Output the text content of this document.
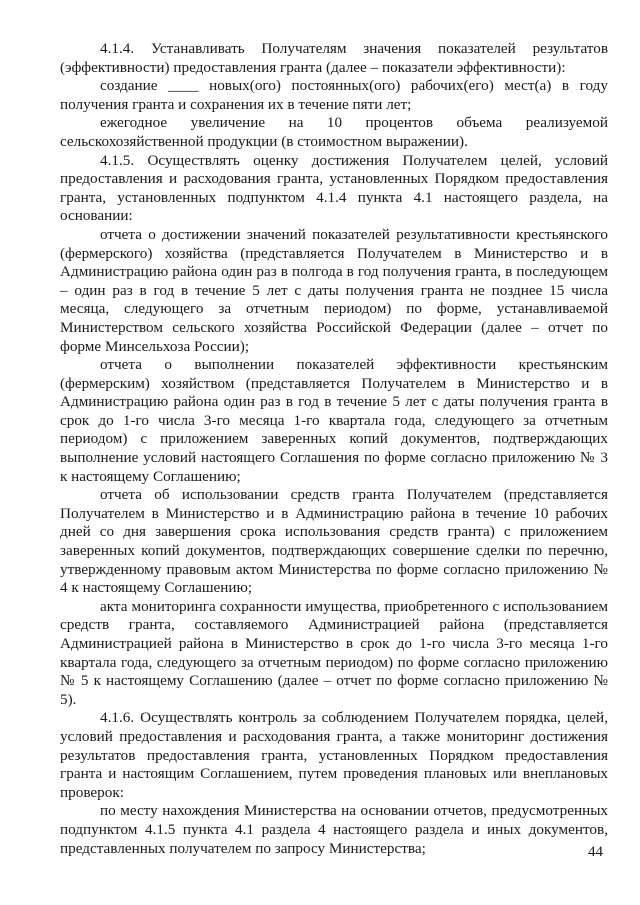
4.1.4. Устанавливать Получателям значения показателей результатов (эффективности) предоставления гранта (далее – показатели эффективности):

создание ____ новых(ого) постоянных(ого) рабочих(его) мест(а) в году получения гранта и сохранения их в течение пяти лет;

ежегодное увеличение на 10 процентов объема реализуемой сельскохозяйственной продукции (в стоимостном выражении).

4.1.5. Осуществлять оценку достижения Получателем целей, условий предоставления и расходования гранта, установленных Порядком предоставления гранта, установленных подпунктом 4.1.4 пункта 4.1 настоящего раздела, на основании:

отчета о достижении значений показателей результативности крестьянского (фермерского) хозяйства (представляется Получателем в Министерство и в Администрацию района один раз в полгода в год получения гранта, в последующем – один раз в год в течение 5 лет с даты получения гранта не позднее 15 числа месяца, следующего за отчетным периодом) по форме, устанавливаемой Министерством сельского хозяйства Российской Федерации (далее – отчет по форме Минсельхоза России);

отчета о выполнении показателей эффективности крестьянским (фермерским) хозяйством (представляется Получателем в Министерство и в Администрацию района один раз в год в течение 5 лет с даты получения гранта в срок до 1-го числа 3-го месяца 1-го квартала года, следующего за отчетным периодом) с приложением заверенных копий документов, подтверждающих выполнение условий настоящего Соглашения по форме согласно приложению № 3 к настоящему Соглашению;

отчета об использовании средств гранта Получателем (представляется Получателем в Министерство и в Администрацию района в течение 10 рабочих дней со дня завершения срока использования средств гранта) с приложением заверенных копий документов, подтверждающих совершение сделки по перечню, утвержденному правовым актом Министерства по форме согласно приложению № 4 к настоящему Соглашению;

акта мониторинга сохранности имущества, приобретенного с использованием средств гранта, составляемого Администрацией района (представляется Администрацией района в Министерство в срок до 1-го числа 3-го месяца 1-го квартала года, следующего за отчетным периодом) по форме согласно приложению № 5 к настоящему Соглашению (далее – отчет по форме согласно приложению № 5).

4.1.6. Осуществлять контроль за соблюдением Получателем порядка, целей, условий предоставления и расходования гранта, а также мониторинг достижения результатов предоставления гранта, установленных Порядком предоставления гранта и настоящим Соглашением, путем проведения плановых или внеплановых проверок:

по месту нахождения Министерства на основании отчетов, предусмотренных подпунктом 4.1.5 пункта 4.1 раздела 4 настоящего раздела и иных документов, представленных получателем по запросу Министерства;	44
